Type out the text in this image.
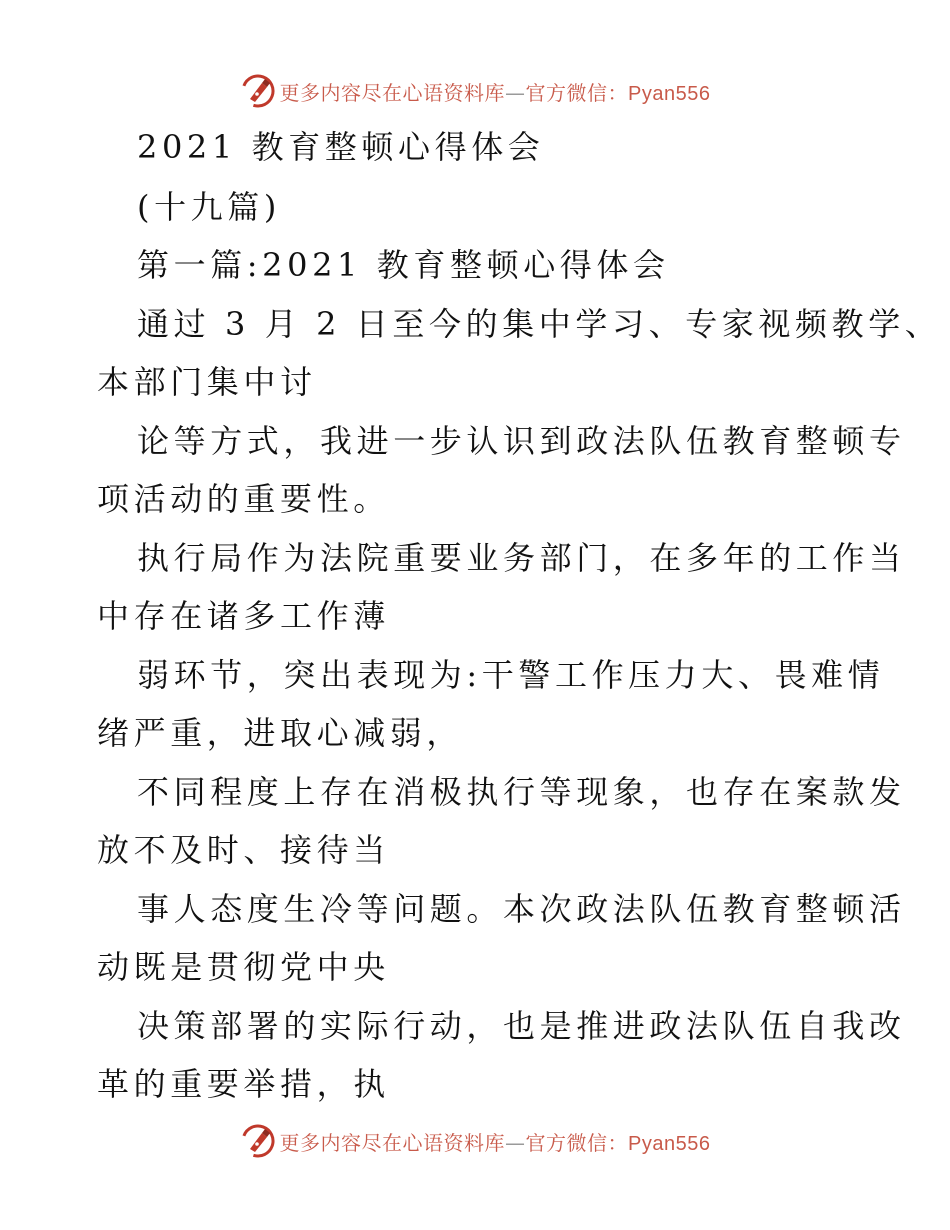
更多内容尽在心语资料库—官方微信：Pyan556
2021 教育整顿心得体会
(十九篇)
第一篇:2021 教育整顿心得体会
通过 3 月 2 日至今的集中学习、专家视频教学、
本部门集中讨
论等方式，我进一步认识到政法队伍教育整顿专
项活动的重要性。
执行局作为法院重要业务部门，在多年的工作当
中存在诸多工作薄
弱环节，突出表现为:干警工作压力大、畏难情
绪严重，进取心减弱，
不同程度上存在消极执行等现象，也存在案款发
放不及时、接待当
事人态度生冷等问题。本次政法队伍教育整顿活
动既是贯彻党中央
决策部署的实际行动，也是推进政法队伍自我改
革的重要举措，执
更多内容尽在心语资料库—官方微信：Pyan556
